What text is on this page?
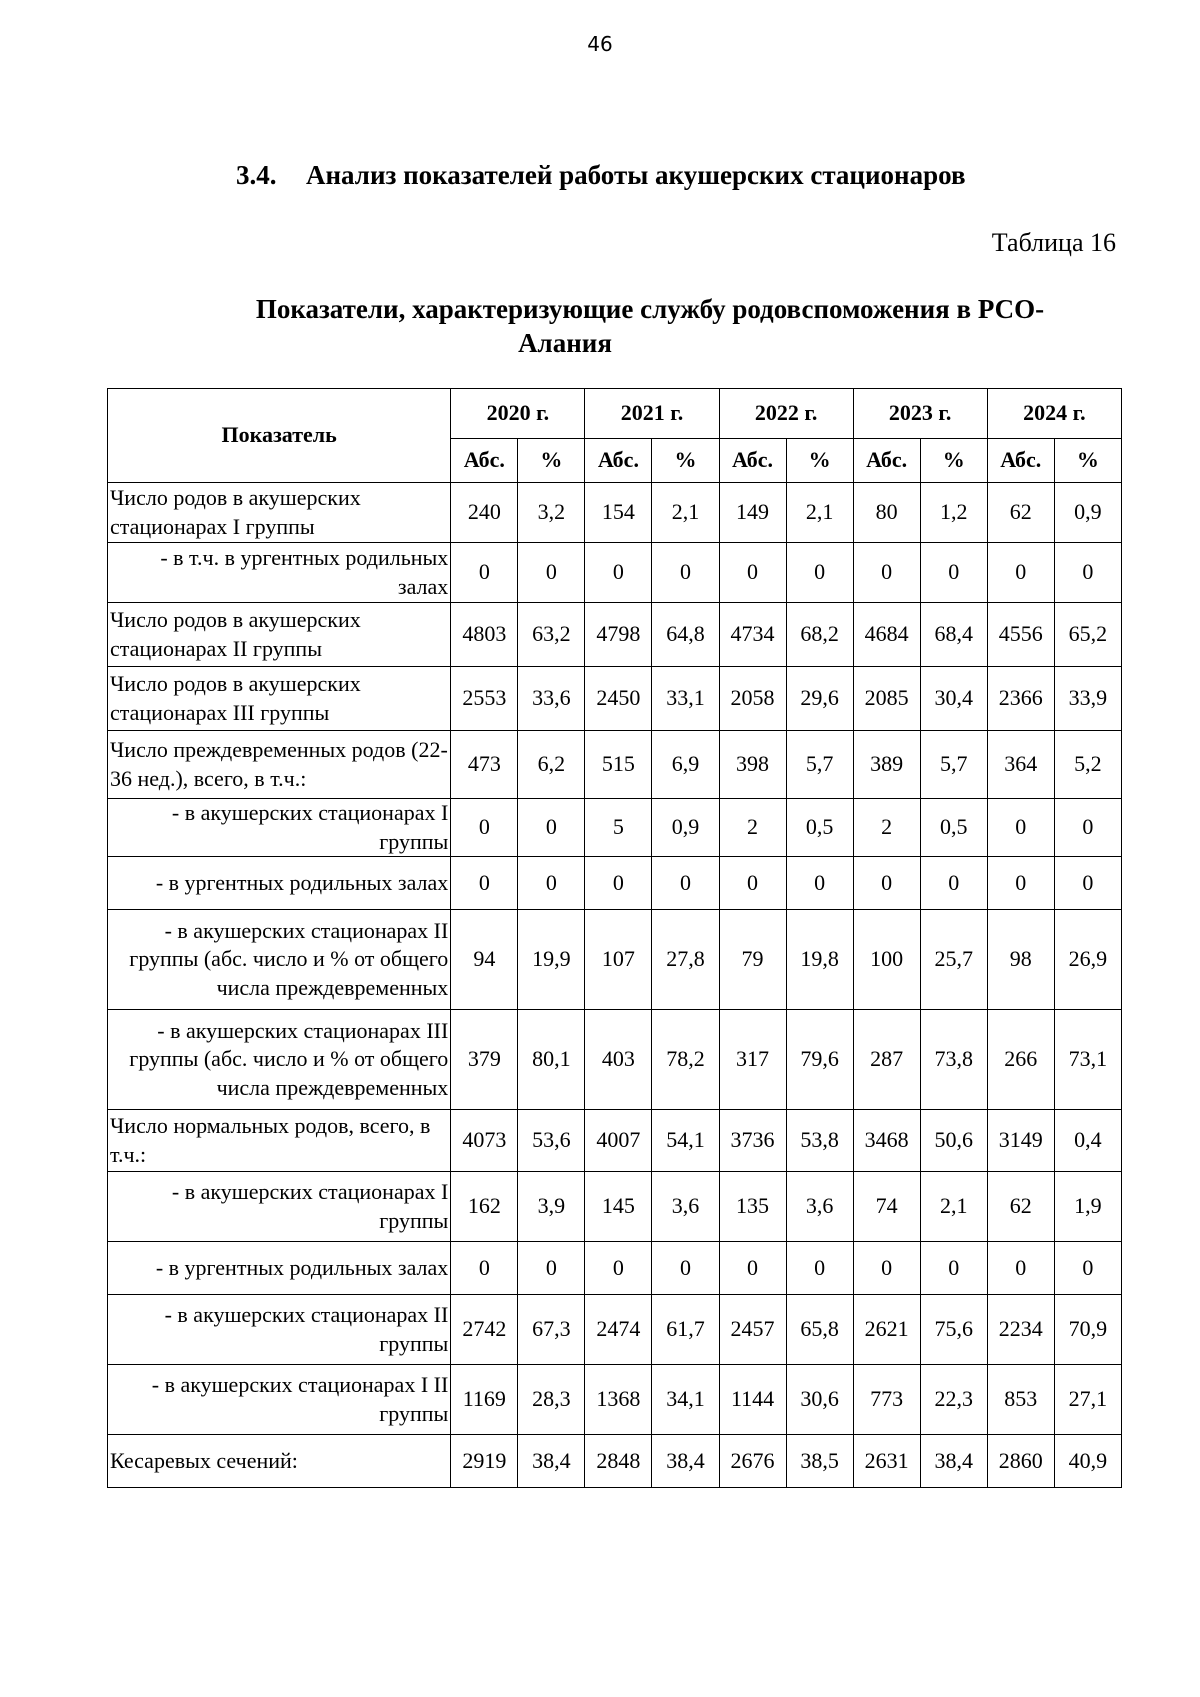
46
3.4. Анализ показателей работы акушерских стационаров
Таблица 16
Показатели, характеризующие службу родовспоможения в РСО-
Алания
Показатель	2020 г.		2021 г.		2022 г.		2023 г.		2024 г.	
	Абс.	%	Абс.	%	Абс.	%	Абс.	%	Абс.	%
Число родов в акушерских стационарах I группы	240	3,2	154	2,1	149	2,1	80	1,2	62	0,9
- в т.ч. в ургентных родильных залах	0	0	0	0	0	0	0	0	0	0
Число родов в акушерских стационарах II группы	4803	63,2	4798	64,8	4734	68,2	4684	68,4	4556	65,2
Число родов в акушерских стационарах III группы	2553	33,6	2450	33,1	2058	29,6	2085	30,4	2366	33,9
Число преждевременных родов (22-36 нед.), всего, в т.ч.:	473	6,2	515	6,9	398	5,7	389	5,7	364	5,2
- в акушерских стационарах I группы	0	0	5	0,9	2	0,5	2	0,5	0	0
- в ургентных родильных залах	0	0	0	0	0	0	0	0	0	0
- в акушерских стационарах II группы (абс. число и % от общего числа преждевременных	94	19,9	107	27,8	79	19,8	100	25,7	98	26,9
- в акушерских стационарах III группы (абс. число и % от общего числа преждевременных	379	80,1	403	78,2	317	79,6	287	73,8	266	73,1
Число нормальных родов, всего, в т.ч.:	4073	53,6	4007	54,1	3736	53,8	3468	50,6	3149	0,4
- в акушерских стационарах I группы	162	3,9	145	3,6	135	3,6	74	2,1	62	1,9
- в ургентных родильных залах	0	0	0	0	0	0	0	0	0	0
- в акушерских стационарах II группы	2742	67,3	2474	61,7	2457	65,8	2621	75,6	2234	70,9
- в акушерских стационарах I II группы	1169	28,3	1368	34,1	1144	30,6	773	22,3	853	27,1
Кесаревых сечений:	2919	38,4	2848	38,4	2676	38,5	2631	38,4	2860	40,9
